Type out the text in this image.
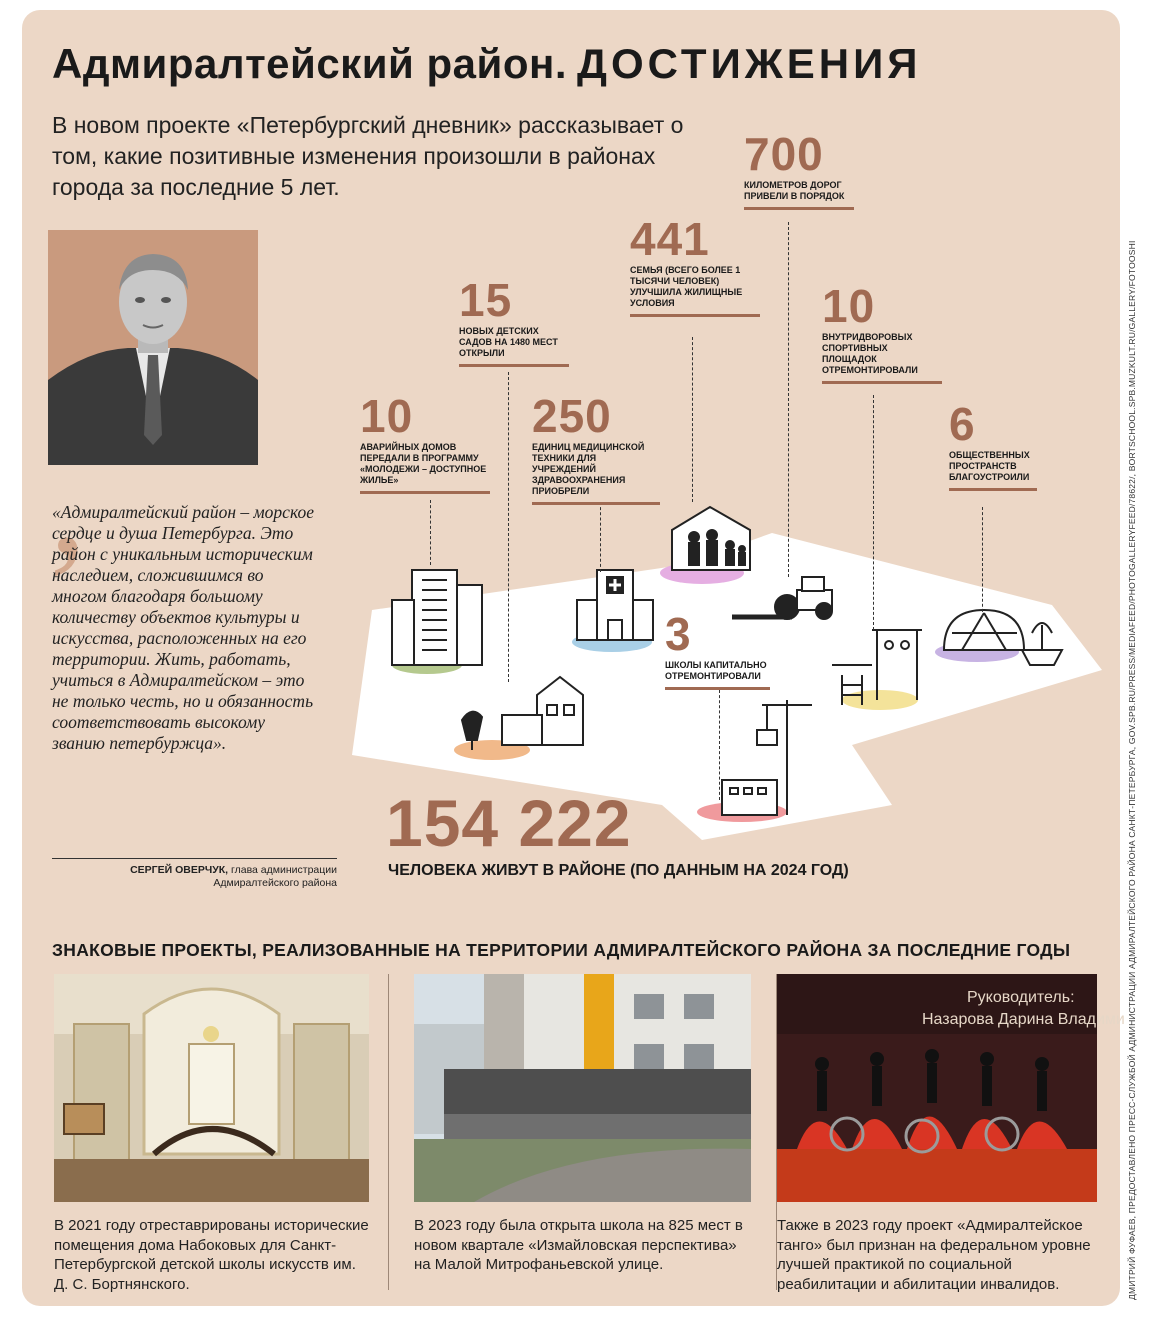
Адмиралтейский район. ДОСТИЖЕНИЯ
В новом проекте «Петербургский дневник» рассказывает о том, какие позитивные изменения произошли в районах города за последние 5 лет.
‚
«Адмиралтейский район – морское сердце и душа Петербурга. Это район с уникальным историческим наследием, сложившимся во многом благодаря большому количеству объектов культуры и искусства, расположенных на его территории. Жить, работать, учиться в Адмиралтейском – это не только честь, но и обязанность соответствовать высокому званию петербуржца».
СЕРГЕЙ ОВЕРЧУК, глава администрации
Адмиралтейского района
700
КИЛОМЕТРОВ ДОРОГ ПРИВЕЛИ В ПОРЯДОК
441
СЕМЬЯ (ВСЕГО БОЛЕЕ 1 ТЫСЯЧИ ЧЕЛОВЕК) УЛУЧШИЛА ЖИЛИЩНЫЕ УСЛОВИЯ
15
НОВЫХ ДЕТСКИХ САДОВ НА 1480 МЕСТ ОТКРЫЛИ
10
ВНУТРИДВОРОВЫХ СПОРТИВНЫХ ПЛОЩАДОК ОТРЕМОНТИРОВАЛИ
10
АВАРИЙНЫХ ДОМОВ ПЕРЕДАЛИ В ПРОГРАММУ «МОЛОДЕЖИ – ДОСТУПНОЕ ЖИЛЬЕ»
250
ЕДИНИЦ МЕДИЦИНСКОЙ ТЕХНИКИ ДЛЯ УЧРЕЖДЕНИЙ ЗДРАВООХРАНЕНИЯ ПРИОБРЕЛИ
6
ОБЩЕСТВЕННЫХ ПРОСТРАНСТВ БЛАГОУСТРОИЛИ
3
ШКОЛЫ КАПИТАЛЬНО ОТРЕМОНТИРОВАЛИ
154 222
ЧЕЛОВЕКА ЖИВУТ В РАЙОНЕ (ПО ДАННЫМ НА 2024 ГОД)
ЗНАКОВЫЕ ПРОЕКТЫ, РЕАЛИЗОВАННЫЕ НА ТЕРРИТОРИИ АДМИРАЛТЕЙСКОГО РАЙОНА ЗА ПОСЛЕДНИЕ ГОДЫ
Руководитель:
Назарова Дарина Владими
В 2021 году отреставрированы исторические помещения дома Набоковых для Санкт-Петербургской детской школы искусств им. Д. С. Бортнянского.
В 2023 году была открыта школа на 825 мест в новом квартале «Измайловская перспектива» на Малой Митрофаньевской улице.
Также в 2023 году проект «Адмиралтейское танго» был признан на федеральном уровне лучшей практикой по социальной реабилитации и абилитации инвалидов.	ДМИТРИЙ ФУФАЕВ, ПРЕДОСТАВЛЕНО ПРЕСС-СЛУЖБОЙ АДМИНИСТРАЦИИ АДМИРАЛТЕЙСКОГО РАЙОНА САНКТ-ПЕТЕРБУРГА, GOV.SPB.RU/PRESS/MEDIAFEED/PHOTOGALLERYFEED/78622/, BORTSCHOOL.SPB.MUZKULT.RU/GALLERY/FOTOOSHI
